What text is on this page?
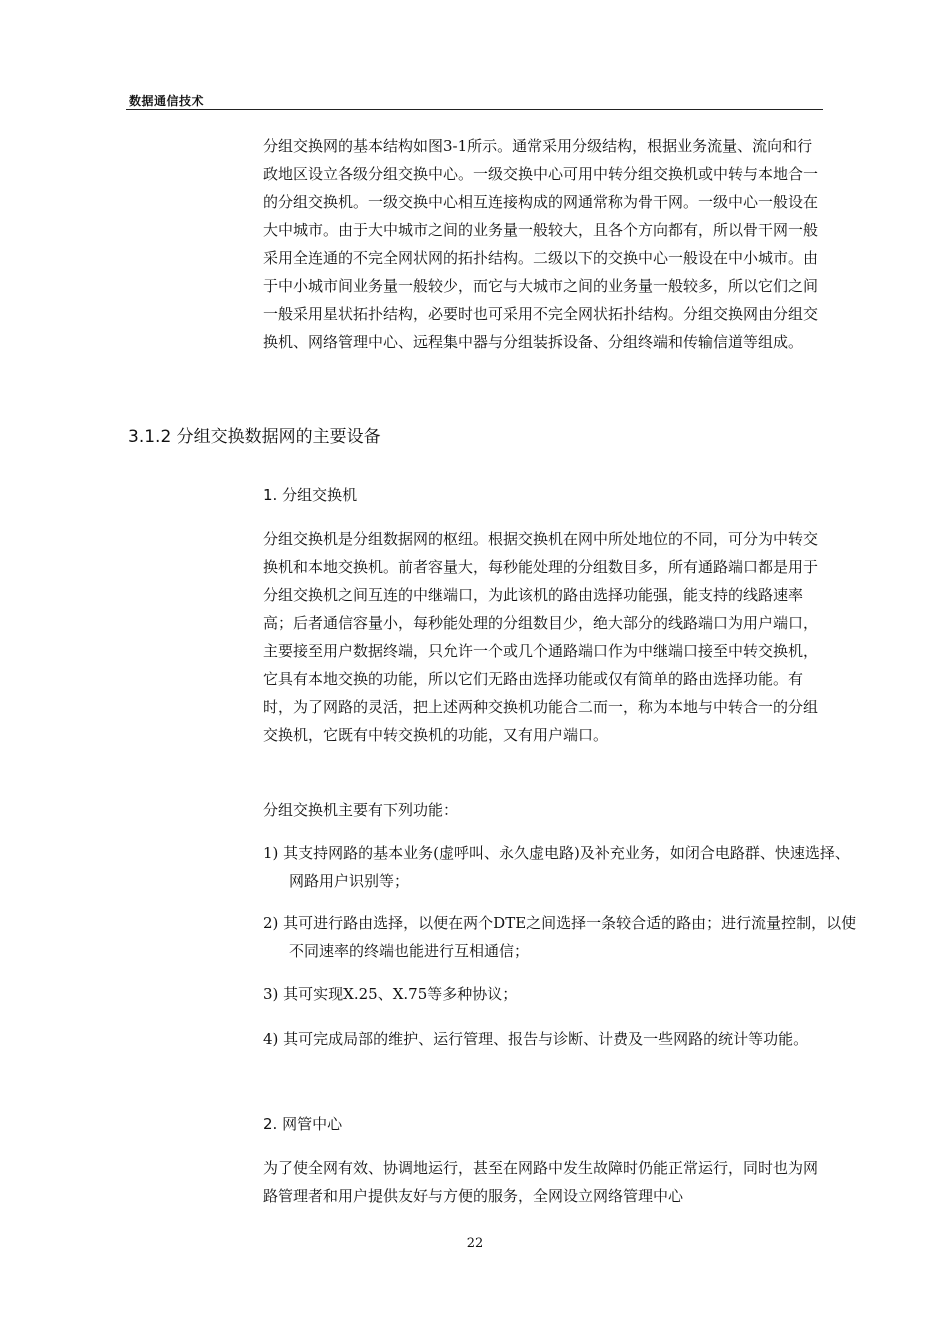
数据通信技术

分组交换网的基本结构如图3-1所示。通常采用分级结构，根据业务流量、流向和行政地区设立各级分组交换中心。一级交换中心可用中转分组交换机或中转与本地合一的分组交换机。一级交换中心相互连接构成的网通常称为骨干网。一级中心一般设在大中城市。由于大中城市之间的业务量一般较大，且各个方向都有，所以骨干网一般采用全连通的不完全网状网的拓扑结构。二级以下的交换中心一般设在中小城市。由于中小城市间业务量一般较少，而它与大城市之间的业务量一般较多，所以它们之间一般采用星状拓扑结构，必要时也可采用不完全网状拓扑结构。分组交换网由分组交换机、网络管理中心、远程集中器与分组装拆设备、分组终端和传输信道等组成。

3.1.2 分组交换数据网的主要设备
1. 分组交换机

分组交换机是分组数据网的枢纽。根据交换机在网中所处地位的不同，可分为中转交换机和本地交换机。前者容量大，每秒能处理的分组数目多，所有通路端口都是用于分组交换机之间互连的中继端口，为此该机的路由选择功能强，能支持的线路速率高；后者通信容量小，每秒能处理的分组数目少，绝大部分的线路端口为用户端口，主要接至用户数据终端，只允许一个或几个通路端口作为中继端口接至中转交换机，它具有本地交换的功能，所以它们无路由选择功能或仅有简单的路由选择功能。有时，为了网路的灵活，把上述两种交换机功能合二而一，称为本地与中转合一的分组交换机，它既有中转交换机的功能，又有用户端口。

分组交换机主要有下列功能：

1) 其支持网路的基本业务(虚呼叫、永久虚电路)及补充业务，如闭合电路群、快速选择、网路用户识别等；

2) 其可进行路由选择，以便在两个DTE之间选择一条较合适的路由；进行流量控制，以使不同速率的终端也能进行互相通信；

3) 其可实现X.25、X.75等多种协议；

4) 其可完成局部的维护、运行管理、报告与诊断、计费及一些网路的统计等功能。

2. 网管中心

为了使全网有效、协调地运行，甚至在网路中发生故障时仍能正常运行，同时也为网路管理者和用户提供友好与方便的服务，全网设立网络管理中心

22
